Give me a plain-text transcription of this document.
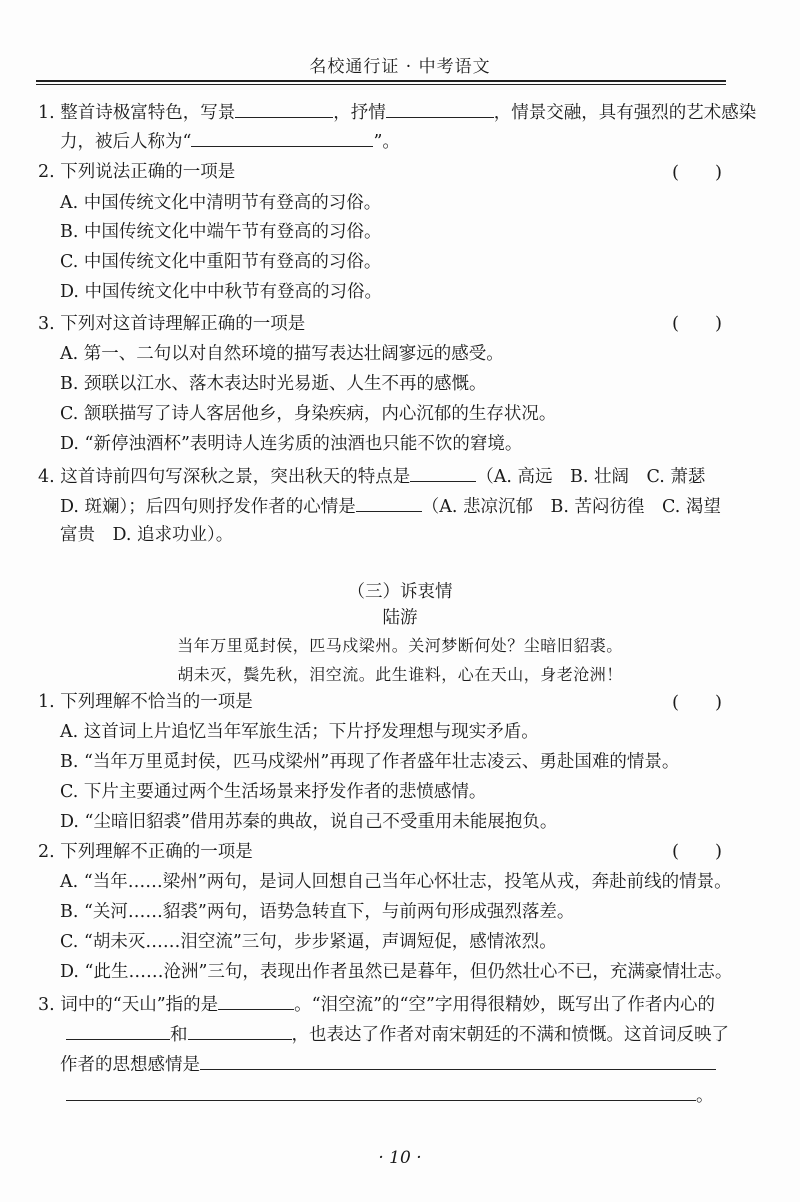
名校通行证 · 中考语文
1. 整首诗极富特色，写景	，抒情	，情景交融，具有强烈的艺术感染
力，被后人称为“	”。
2. 下列说法正确的一项是	(　　)
A. 中国传统文化中清明节有登高的习俗。
B. 中国传统文化中端午节有登高的习俗。
C. 中国传统文化中重阳节有登高的习俗。
D. 中国传统文化中中秋节有登高的习俗。
3. 下列对这首诗理解正确的一项是	(　　)
A. 第一、二句以对自然环境的描写表达壮阔寥远的感受。
B. 颈联以江水、落木表达时光易逝、人生不再的感慨。
C. 颔联描写了诗人客居他乡，身染疾病，内心沉郁的生存状况。
D. “新停浊酒杯”表明诗人连劣质的浊酒也只能不饮的窘境。
4. 这首诗前四句写深秋之景，突出秋天的特点是	（A. 高远　B. 壮阔　C. 萧瑟
D. 斑斓）；后四句则抒发作者的心情是	（A. 悲凉沉郁　B. 苦闷彷徨　C. 渴望
富贵　D. 追求功业）。
（三）诉衷情
陆游
当年万里觅封侯，匹马戍梁州。关河梦断何处？尘暗旧貂裘。
胡未灭，鬓先秋，泪空流。此生谁料，心在天山，身老沧洲！
1. 下列理解不恰当的一项是	(　　)
A. 这首词上片追忆当年军旅生活；下片抒发理想与现实矛盾。
B. “当年万里觅封侯，匹马戍梁州”再现了作者盛年壮志凌云、勇赴国难的情景。
C. 下片主要通过两个生活场景来抒发作者的悲愤感情。
D. “尘暗旧貂裘”借用苏秦的典故，说自己不受重用未能展抱负。
2. 下列理解不正确的一项是	(　　)
A. “当年……梁州”两句，是词人回想自己当年心怀壮志，投笔从戎，奔赴前线的情景。
B. “关河……貂裘”两句，语势急转直下，与前两句形成强烈落差。
C. “胡未灭……泪空流”三句，步步紧逼，声调短促，感情浓烈。
D. “此生……沧洲”三句，表现出作者虽然已是暮年，但仍然壮心不已，充满豪情壮志。
3. 词中的“天山”指的是	。“泪空流”的“空”字用得很精妙，既写出了作者内心的
和	，也表达了作者对南宋朝廷的不满和愤慨。这首词反映了
作者的思想感情是
。
· 10 ·
